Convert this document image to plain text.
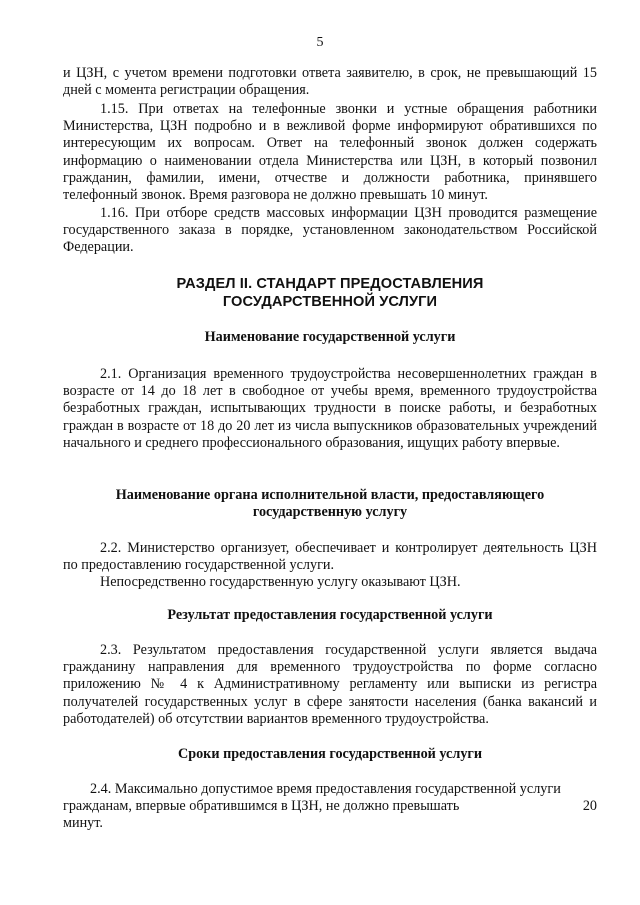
5

и ЦЗН, с учетом времени подготовки ответа заявителю, в срок, не превышающий 15 дней с момента регистрации обращения.

1.15. При ответах на телефонные звонки и устные обращения работники Министерства, ЦЗН подробно и в вежливой форме информируют обратившихся по интересующим их вопросам. Ответ на телефонный звонок должен содержать информацию о наименовании отдела Министерства или ЦЗН, в который позвонил гражданин, фамилии, имени, отчестве и должности работника, принявшего телефонный звонок. Время разговора не должно превышать 10 минут.

1.16. При отборе средств массовых информации ЦЗН проводится размещение государственного заказа в порядке, установленном законодательством Российской Федерации.

РАЗДЕЛ II. СТАНДАРТ ПРЕДОСТАВЛЕНИЯ
ГОСУДАРСТВЕННОЙ УСЛУГИ
Наименование государственной услуги

2.1. Организация временного трудоустройства несовершеннолетних граждан в возрасте от 14 до 18 лет в свободное от учебы время, временного трудоустройства безработных граждан, испытывающих трудности в поиске работы, и безработных граждан в возрасте от 18 до 20 лет из числа выпускников образовательных учреждений начального и среднего профессионального образования, ищущих работу впервые.

Наименование органа исполнительной власти, предоставляющего
государственную услугу

2.2. Министерство организует, обеспечивает и контролирует деятельность ЦЗН по предоставлению государственной услуги.

Непосредственно государственную услугу оказывают ЦЗН.

Результат предоставления государственной услуги

2.3. Результатом предоставления государственной услуги является выдача гражданину направления для временного трудоустройства по форме согласно приложению № 4 к Административному регламенту или выписки из регистра получателей государственных услуг в сфере занятости населения (банка вакансий и работодателей) об отсутствии вариантов временного трудоустройства.

Сроки предоставления государственной услуги

2.4. Максимально допустимое время предоставления государственной услуги

гражданам, впервые обратившимся в ЦЗН, не должно превышать	20

минут.
